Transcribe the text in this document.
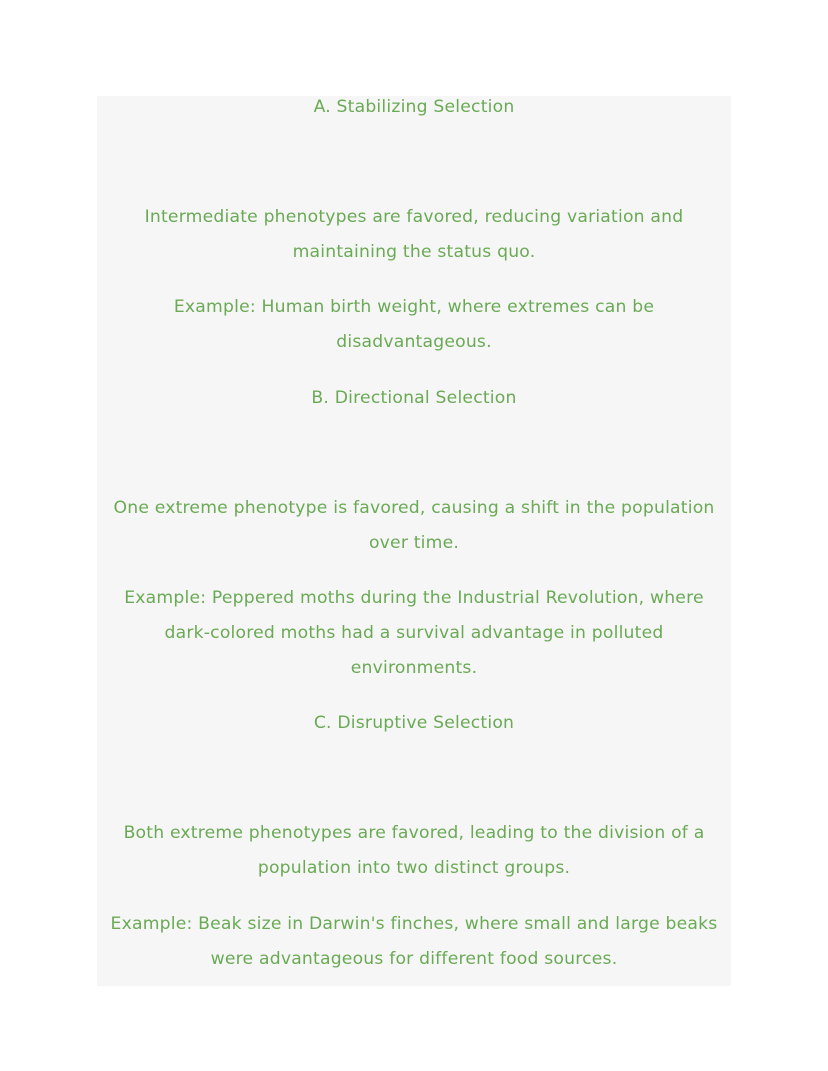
A. Stabilizing Selection
Intermediate phenotypes are favored, reducing variation and
maintaining the status quo.
Example: Human birth weight, where extremes can be
disadvantageous.
B. Directional Selection
One extreme phenotype is favored, causing a shift in the population
over time.
Example: Peppered moths during the Industrial Revolution, where
dark-colored moths had a survival advantage in polluted
environments.
C. Disruptive Selection
Both extreme phenotypes are favored, leading to the division of a
population into two distinct groups.
Example: Beak size in Darwin's finches, where small and large beaks
were advantageous for different food sources.
